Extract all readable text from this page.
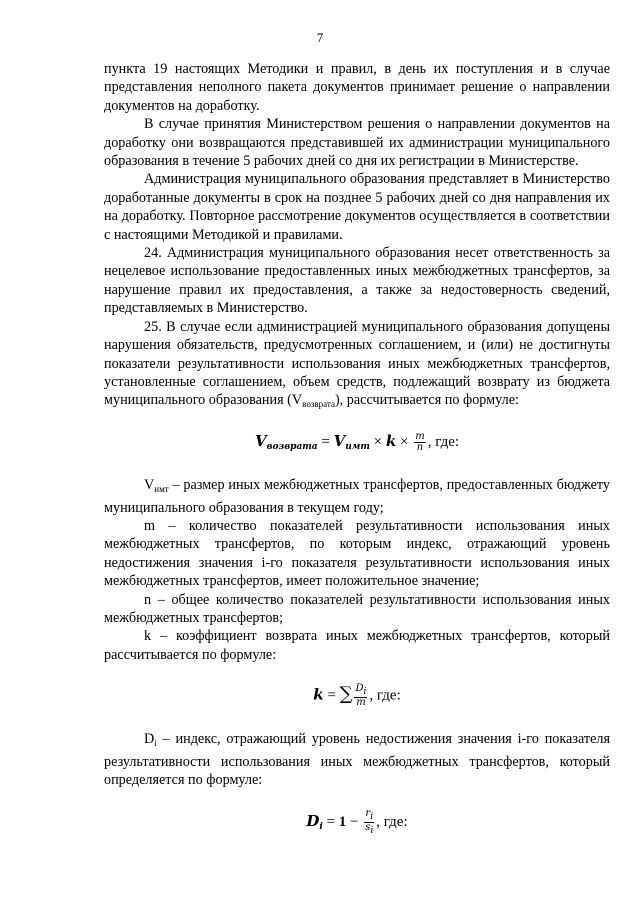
7

пункта 19 настоящих Методики и правил, в день их поступления и в случае представления неполного пакета документов принимает решение о направлении документов на доработку.

В случае принятия Министерством решения о направлении документов на доработку они возвращаются представившей их администрации муниципального образования в течение 5 рабочих дней со дня их регистрации в Министерстве.

Администрация муниципального образования представляет в Министерство доработанные документы в срок на позднее 5 рабочих дней со дня направления их на доработку. Повторное рассмотрение документов осуществляется в соответствии с настоящими Методикой и правилами.

24. Администрация муниципального образования несет ответственность за нецелевое использование предоставленных иных межбюджетных трансфертов, за нарушение правил их предоставления, а также за недостоверность сведений, представляемых в Министерство.

25. В случае если администрацией муниципального образования допущены нарушения обязательств, предусмотренных соглашением, и (или) не достигнуты показатели результативности использования иных межбюджетных трансфертов, установленные соглашением, объем средств, подлежащий возврату из бюджета муниципального образования $(V_{возврата})$, рассчитывается по формуле:

$V_{возврата} = V_{имт} \times k \times \frac{m}{n}$ , где:

$V_{имт}$ – размер иных межбюджетных трансфертов, предоставленных бюджету муниципального образования в текущем году;

m – количество показателей результативности использования иных межбюджетных трансфертов, по которым индекс, отражающий уровень недостижения значения i-го показателя результативности использования иных межбюджетных трансфертов, имеет положительное значение;

n – общее количество показателей результативности использования иных межбюджетных трансфертов;

k – коэффициент возврата иных межбюджетных трансфертов, который рассчитывается по формуле:

k = ∑ $\frac{Di}{m}$ , где:

$D_i$ – индекс, отражающий уровень недостижения значения i-го показателя результативности использования иных межбюджетных трансфертов, который определяется по формуле:

$D_i = 1 - \frac{ri}{si}$ , где:
